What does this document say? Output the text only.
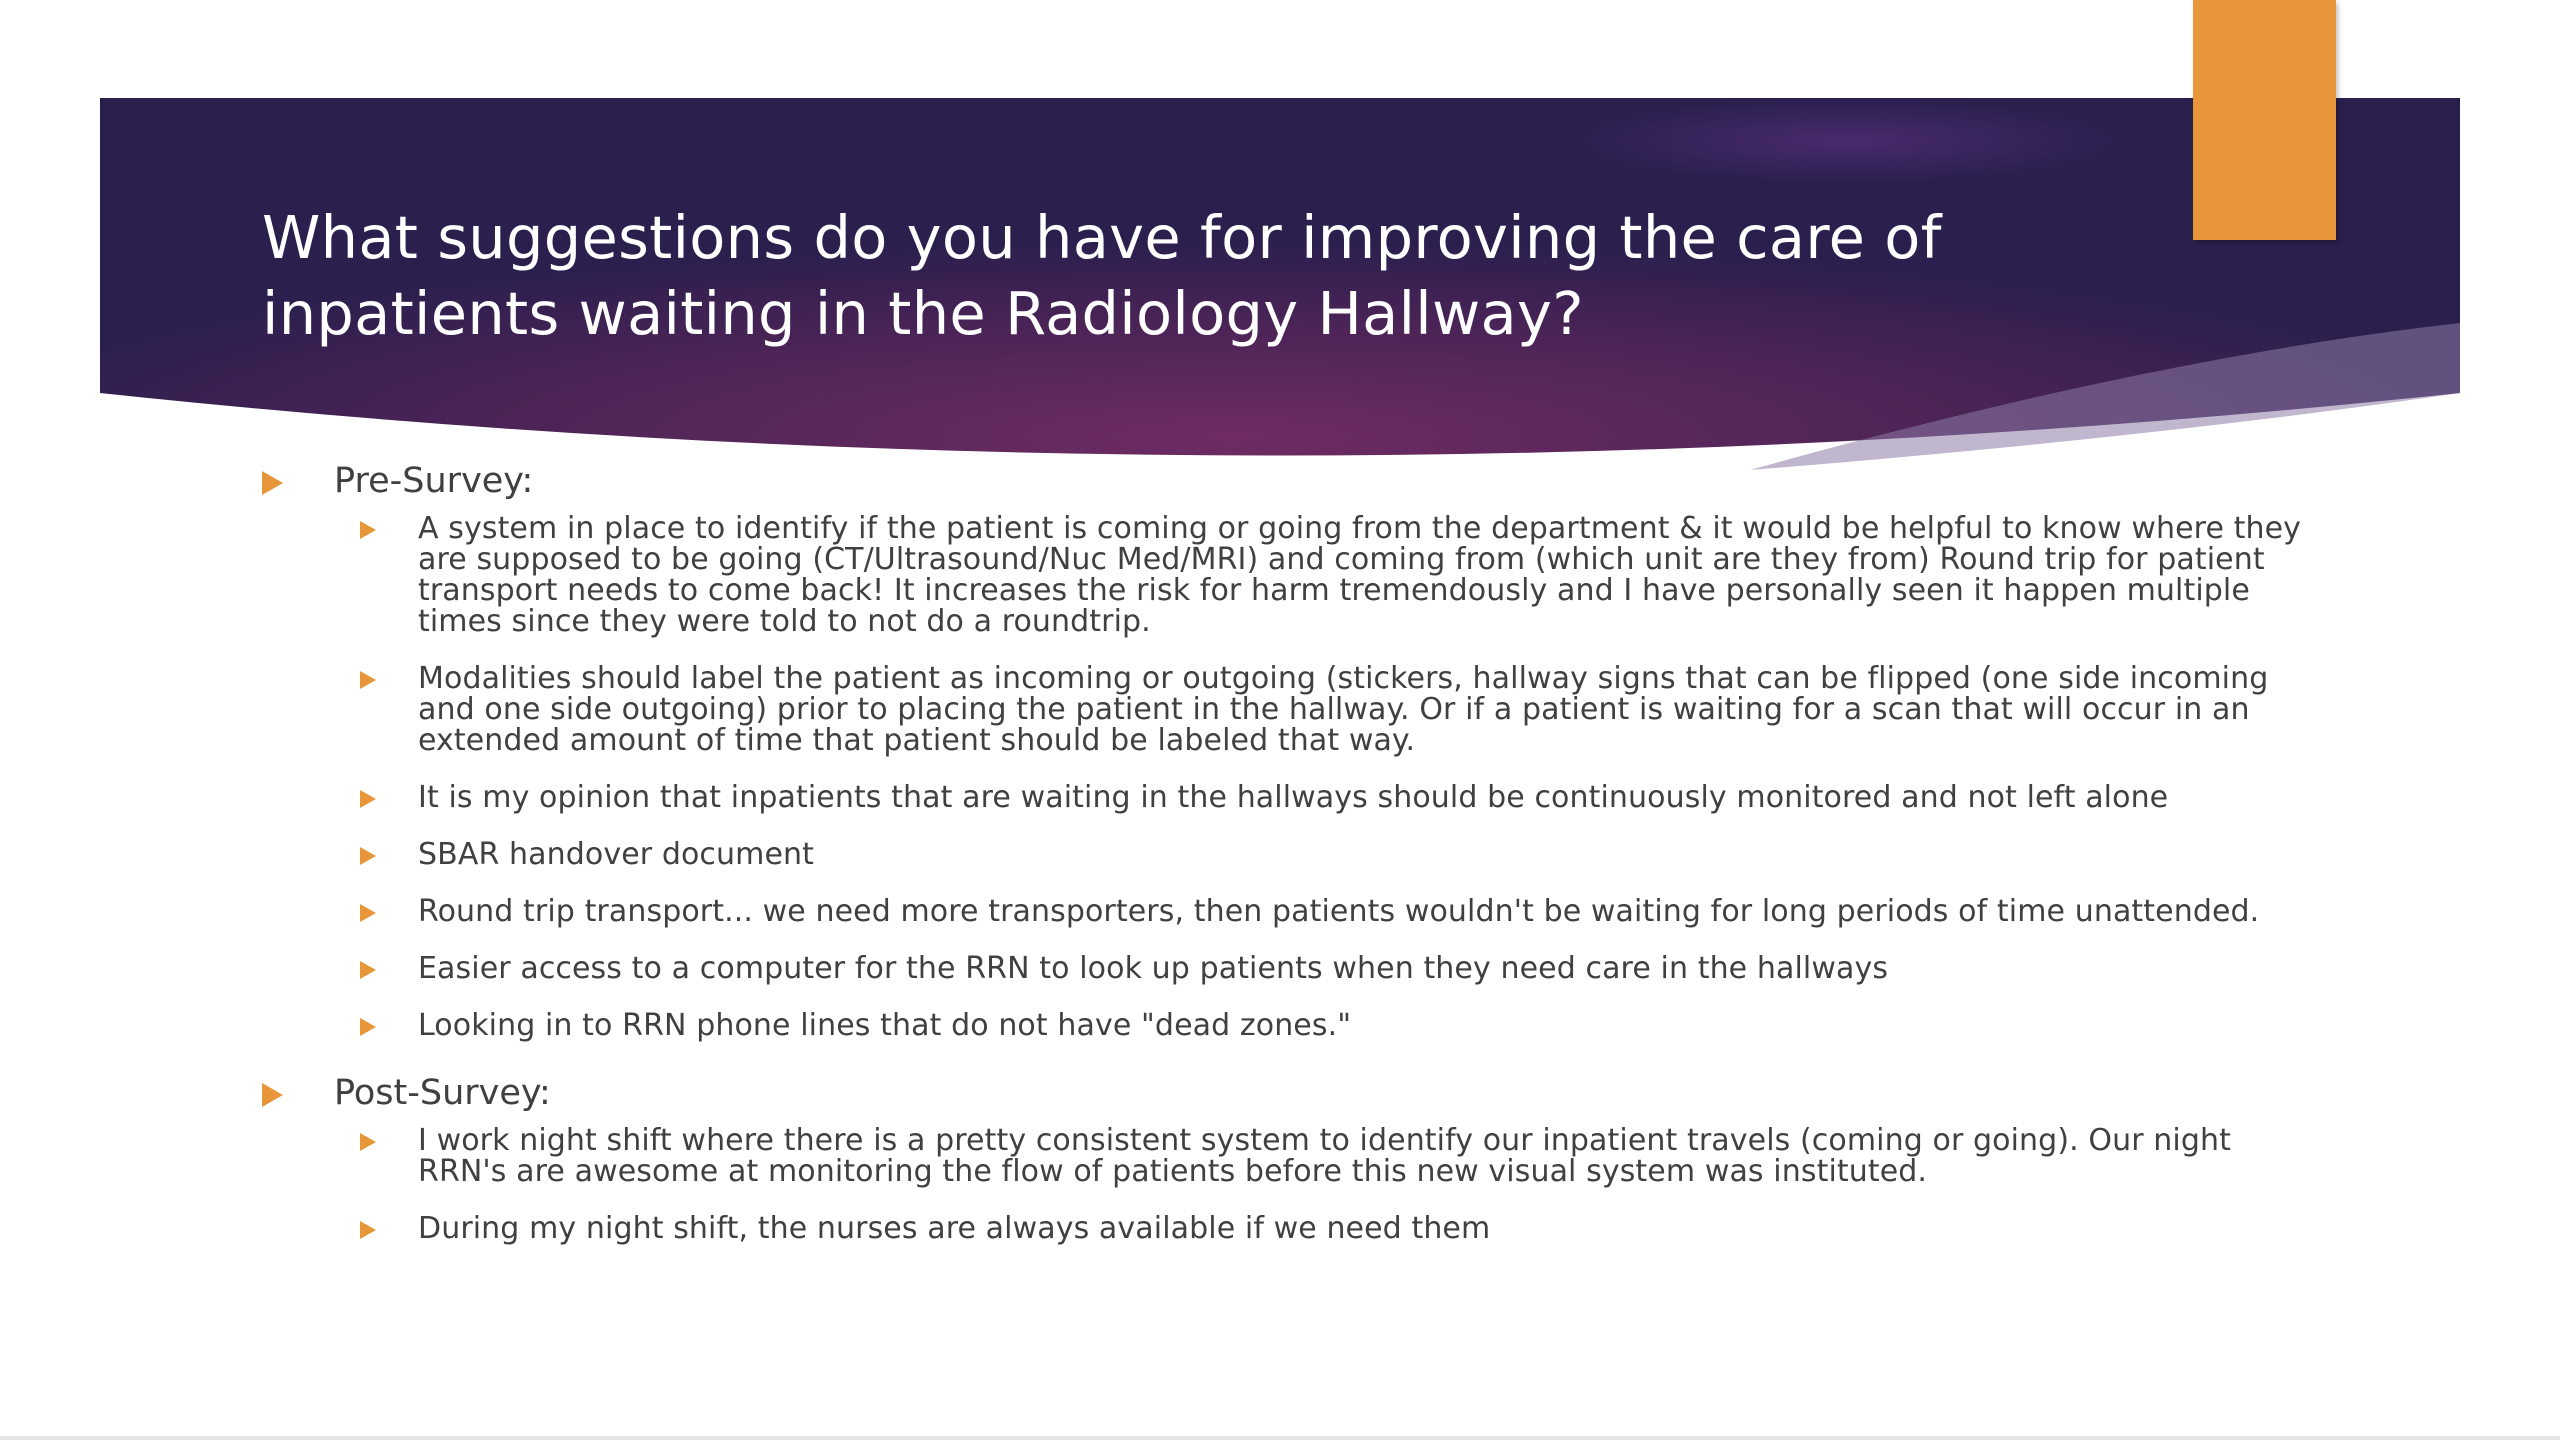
What suggestions do you have for improving the care of inpatients waiting in the Radiology Hallway?
Pre-Survey:
A system in place to identify if the patient is coming or going from the department & it would be helpful to know where they are supposed to be going (CT/Ultrasound/Nuc Med/MRI) and coming from (which unit are they from) Round trip for patient transport needs to come back! It increases the risk for harm tremendously and I have personally seen it happen multiple times since they were told to not do a roundtrip.
Modalities should label the patient as incoming or outgoing (stickers, hallway signs that can be flipped (one side incoming and one side outgoing) prior to placing the patient in the hallway. Or if a patient is waiting for a scan that will occur in an extended amount of time that patient should be labeled that way.
It is my opinion that inpatients that are waiting in the hallways should be continuously monitored and not left alone
SBAR handover document
Round trip transport... we need more transporters, then patients wouldn't be waiting for long periods of time unattended.
Easier access to a computer for the RRN to look up patients when they need care in the hallways
Looking in to RRN phone lines that do not have "dead zones."
Post-Survey:
I work night shift where there is a pretty consistent system to identify our inpatient travels (coming or going). Our night RRN's are awesome at monitoring the flow of patients before this new visual system was instituted.
During my night shift, the nurses are always available if we need them
